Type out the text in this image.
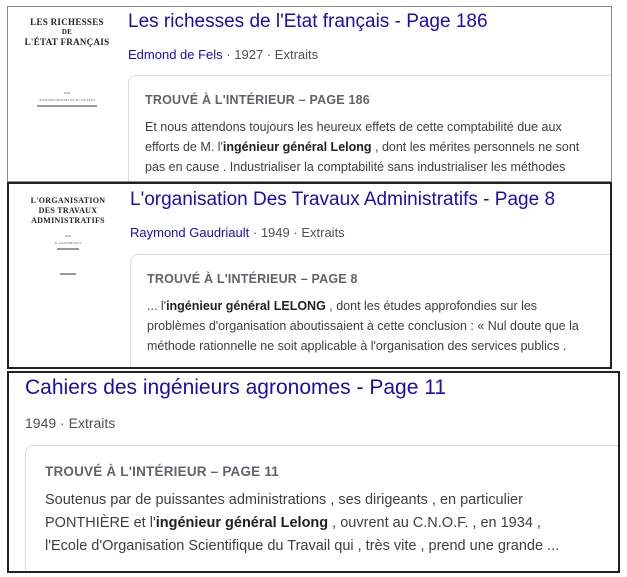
LES RICHESSES
DE
L'ÉTAT FRANÇAIS
PAR
ANTOINE DUPONT ET PL. DE FELS
Les richesses de l'Etat français - Page 186
Edmond de Fels · 1927 · Extraits
TROUVÉ À L'INTÉRIEUR – PAGE 186
Et nous attendons toujours les heureux effets de cette comptabilité due aux
efforts de M. l'ingénieur général Lelong , dont les mérites personnels ne sont
pas en cause . Industrialiser la comptabilité sans industrialiser les méthodes
L'ORGANISATION
DES TRAVAUX
ADMINISTRATIFS
PAR
R. GAUDRIAULT
L'organisation Des Travaux Administratifs - Page 8
Raymond Gaudriault · 1949 · Extraits
TROUVÉ À L'INTÉRIEUR – PAGE 8
... l'ingénieur général LELONG , dont les études approfondies sur les
problèmes d'organisation aboutissaient à cette conclusion : « Nul doute que la
méthode rationnelle ne soit applicable à l'organisation des services publics .
Cahiers des ingénieurs agronomes - Page 11
1949 · Extraits
TROUVÉ À L'INTÉRIEUR – PAGE 11
Soutenus par de puissantes administrations , ses dirigeants , en particulier
PONTHIÈRE et l'ingénieur général Lelong , ouvrent au C.N.O.F. , en 1934 ,
l'Ecole d'Organisation Scientifique du Travail qui , très vite , prend une grande ...
